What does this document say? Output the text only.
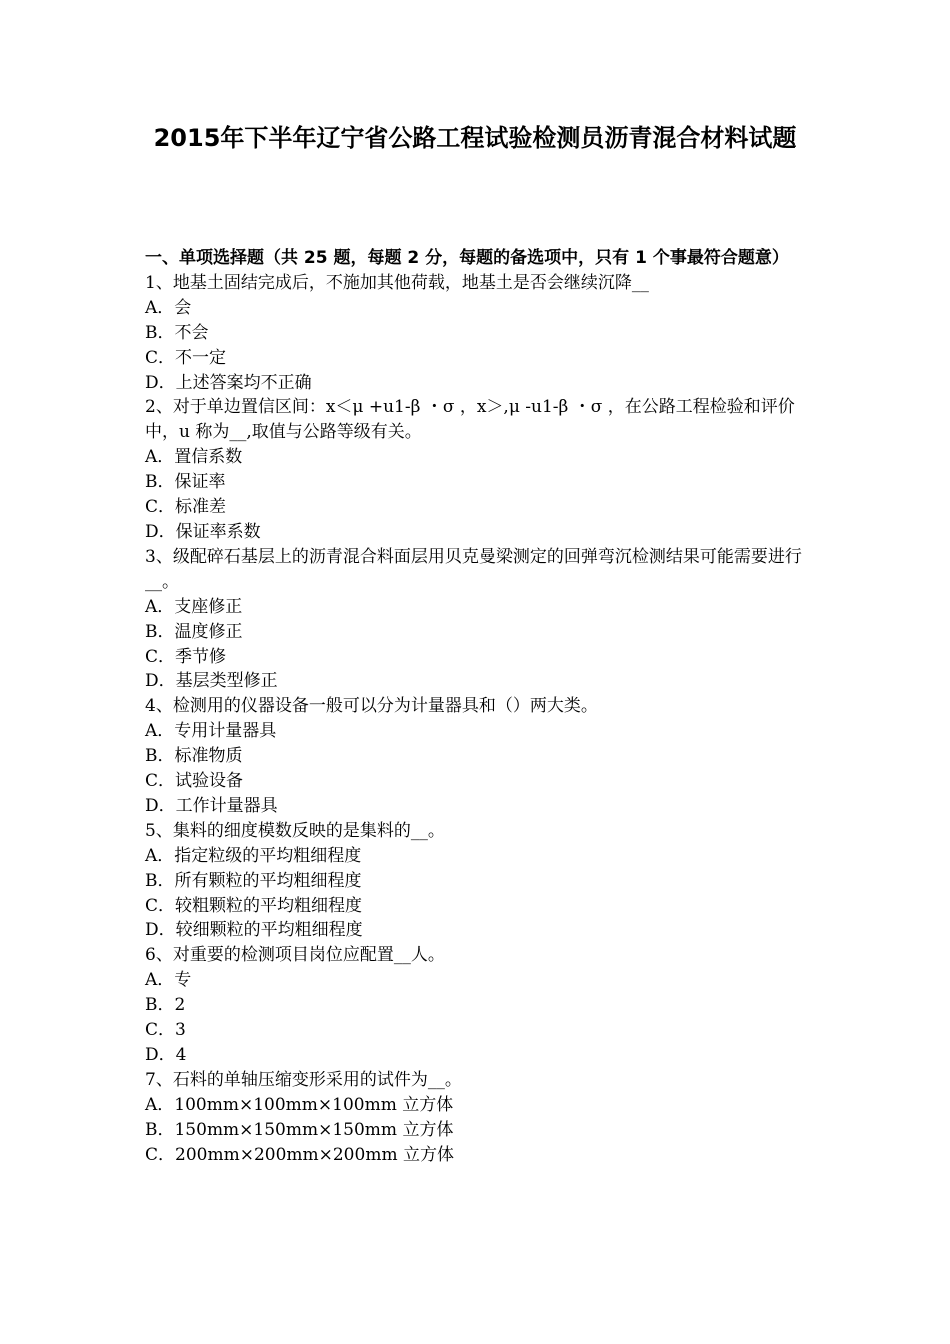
2015年下半年辽宁省公路工程试验检测员沥青混合材料试题
一、单项选择题（共 25 题，每题 2 分，每题的备选项中，只有 1 个事最符合题意）
1、地基土固结完成后，不施加其他荷载，地基土是否会继续沉降__
A．会
B．不会
C．不一定
D．上述答案均不正确
2、对于单边置信区间：x＜μ +u1-β ・σ ，x＞,μ -u1-β ・σ ，在公路工程检验和评价中，u 称为__,取值与公路等级有关。
A．置信系数
B．保证率
C．标准差
D．保证率系数
3、级配碎石基层上的沥青混合料面层用贝克曼梁测定的回弹弯沉检测结果可能需要进行__。
A．支座修正
B．温度修正
C．季节修
D．基层类型修正
4、检测用的仪器设备一般可以分为计量器具和（）两大类。
A．专用计量器具
B．标准物质
C．试验设备
D．工作计量器具
5、集料的细度模数反映的是集料的__。
A．指定粒级的平均粗细程度
B．所有颗粒的平均粗细程度
C．较粗颗粒的平均粗细程度
D．较细颗粒的平均粗细程度
6、对重要的检测项目岗位应配置__人。
A．专
B．2
C．3
D．4
7、石料的单轴压缩变形采用的试件为__。
A．100mm×100mm×100mm 立方体
B．150mm×150mm×150mm 立方体
C．200mm×200mm×200mm 立方体
